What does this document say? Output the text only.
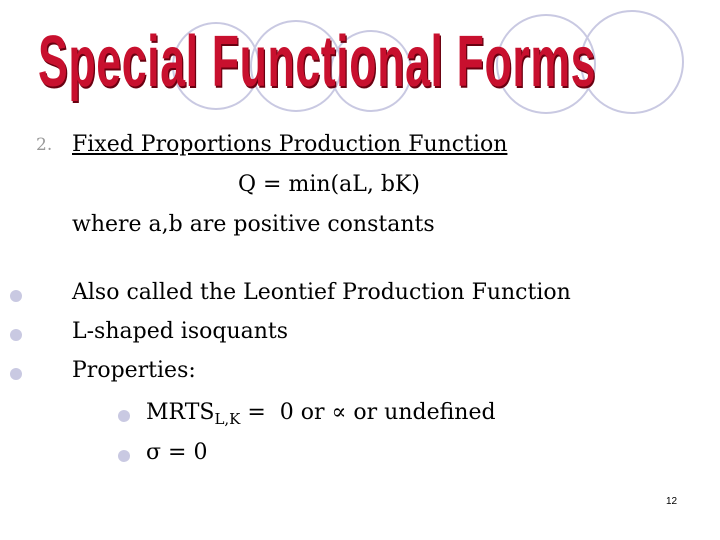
Special Functional Forms
2. Fixed Proportions Production Function
Q = min(aL, bK)
where a,b are positive constants
Also called the Leontief Production Function
L-shaped isoquants
Properties:
$MRTS_{L,K} = 0$ or ∝ or undefined
σ = 0
12
